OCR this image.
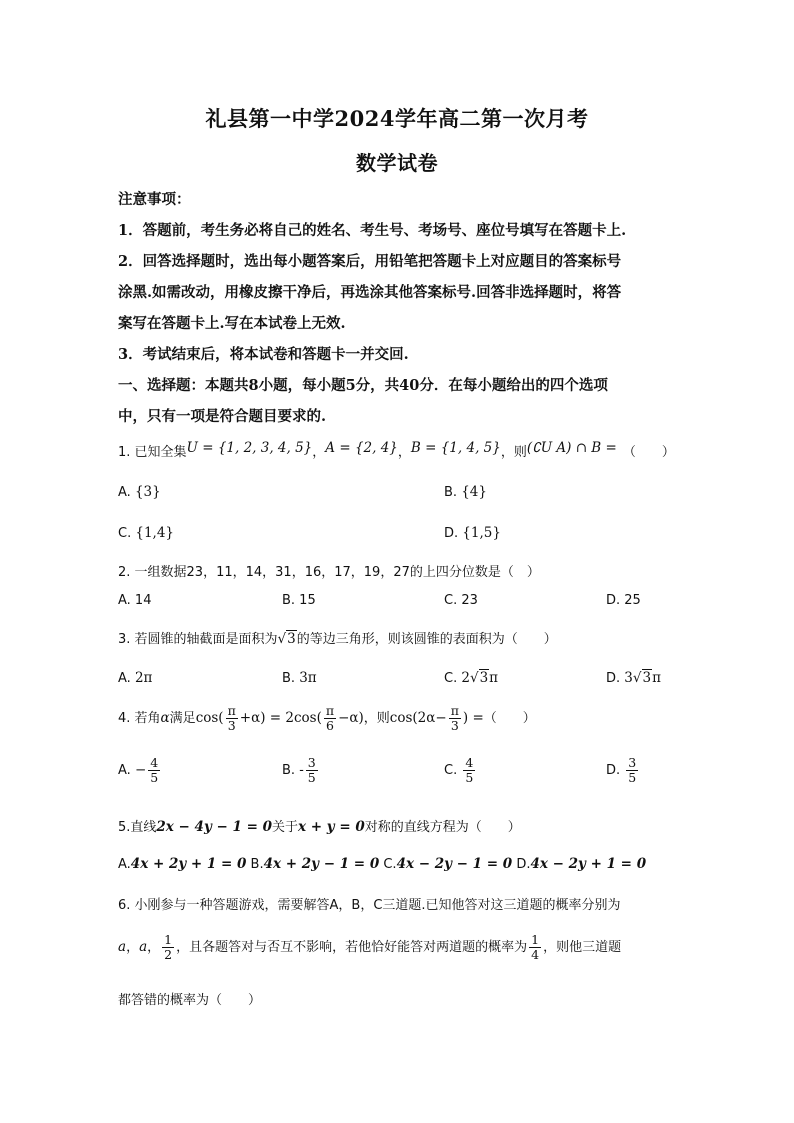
礼县第一中学2024学年高二第一次月考
数学试卷
注意事项：
1．答题前，考生务必将自己的姓名、考生号、考场号、座位号填写在答题卡上.
2．回答选择题时，选出每小题答案后，用铅笔把答题卡上对应题目的答案标号
涂黑.如需改动，用橡皮擦干净后，再选涂其他答案标号.回答非选择题时，将答
案写在答题卡上.写在本试卷上无效.
3．考试结束后，将本试卷和答题卡一并交回.
一、选择题：本题共8小题，每小题5分，共40分．在每小题给出的四个选项
中，只有一项是符合题目要求的.
1. 已知全集U = {1, 2, 3, 4, 5}，A = {2, 4}，B = {1, 4, 5}，则(∁U A) ∩ B = （　　）
A. {3}	B. {4}
C. {1,4}	D. {1,5}
2. 一组数据23，11，14，31，16，17，19，27的上四分位数是（　）
A. 14	B. 15	C. 23	D. 25
3. 若圆锥的轴截面是面积为√3的等边三角形，则该圆锥的表面积为（　　）
A. 2π	B. 3π	C. 2√3π	D. 3√3π
4. 若角α满足$\cos( \frac{\pi}{3} +\alpha) = 2\cos( \frac{\pi}{6} -\alpha)$，则$\cos(2\alpha- \frac{\pi}{3}$ ) =（　　）
A. − $\frac{4}{5}$	B. - $\frac{3}{5}$	C. $\frac{4}{5}$	D. $\frac{3}{5}$
5.直线2x − 4y − 1 = 0关于x + y = 0对称的直线方程为（　　）
A.4x + 2y + 1 = 0 B.4x + 2y − 1 = 0 C.4x − 2y − 1 = 0 D.4x − 2y + 1 = 0
6. 小刚参与一种答题游戏，需要解答A，B，C三道题.已知他答对这三道题的概率分别为
a，a， $\frac{1}{2}$ ，且各题答对与否互不影响，若他恰好能答对两道题的概率为 $\frac{1}{4}$ ，则他三道题
都答错的概率为（　　）
